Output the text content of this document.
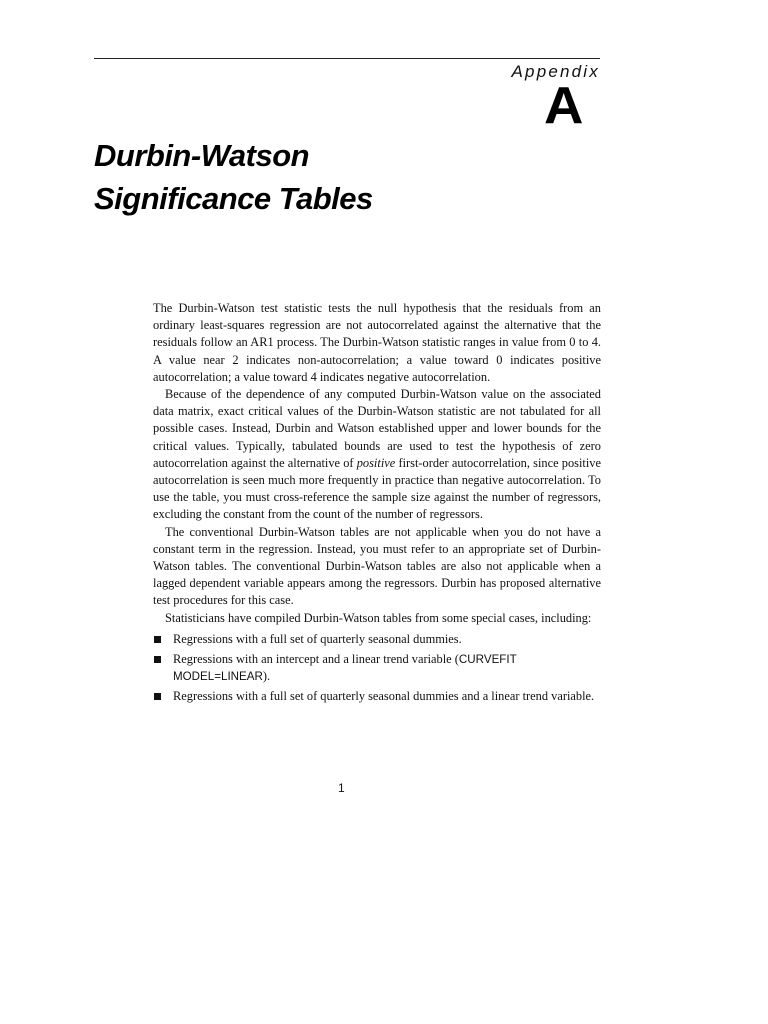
Appendix
A
Durbin-Watson
Significance Tables

The Durbin-Watson test statistic tests the null hypothesis that the residuals from an ordinary least-squares regression are not autocorrelated against the alternative that the residuals follow an AR1 process. The Durbin-Watson statistic ranges in value from 0 to 4. A value near 2 indicates non-autocorrelation; a value toward 0 indicates positive autocorrelation; a value toward 4 indicates negative autocorrelation.

Because of the dependence of any computed Durbin-Watson value on the associated data matrix, exact critical values of the Durbin-Watson statistic are not tabulated for all possible cases. Instead, Durbin and Watson established upper and lower bounds for the critical values. Typically, tabulated bounds are used to test the hypothesis of zero autocorrelation against the alternative of positive first-order autocorrelation, since positive autocorrelation is seen much more frequently in practice than negative autocorrelation. To use the table, you must cross-reference the sample size against the number of regressors, excluding the constant from the count of the number of regressors.

The conventional Durbin-Watson tables are not applicable when you do not have a constant term in the regression. Instead, you must refer to an appropriate set of Durbin-Watson tables. The conventional Durbin-Watson tables are also not applicable when a lagged dependent variable appears among the regressors. Durbin has proposed alternative test procedures for this case.

Statisticians have compiled Durbin-Watson tables from some special cases, including:

Regressions with a full set of quarterly seasonal dummies.
Regressions with an intercept and a linear trend variable (CURVEFIT MODEL=LINEAR).
Regressions with a full set of quarterly seasonal dummies and a linear trend variable.
1
